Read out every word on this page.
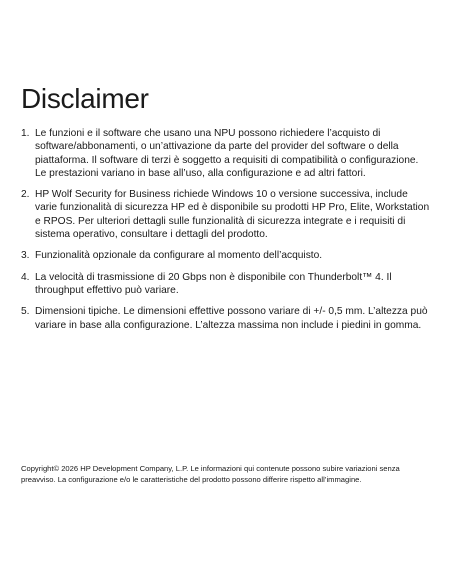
Disclaimer
1. Le funzioni e il software che usano una NPU possono richiedere l’acquisto di software/abbonamenti, o un’attivazione da parte del provider del software o della piattaforma. Il software di terzi è soggetto a requisiti di compatibilità o configurazione. Le prestazioni variano in base all’uso, alla configurazione e ad altri fattori.
2. HP Wolf Security for Business richiede Windows 10 o versione successiva, include varie funzionalità di sicurezza HP ed è disponibile su prodotti HP Pro, Elite, Workstation e RPOS. Per ulteriori dettagli sulle funzionalità di sicurezza integrate e i requisiti di sistema operativo, consultare i dettagli del prodotto.
3. Funzionalità opzionale da configurare al momento dell’acquisto.
4. La velocità di trasmissione di 20 Gbps non è disponibile con Thunderbolt™ 4. Il throughput effettivo può variare.
5. Dimensioni tipiche. Le dimensioni effettive possono variare di +/- 0,5 mm. L’altezza può variare in base alla configurazione. L’altezza massima non include i piedini in gomma.

Copyright© 2026 HP Development Company, L.P. Le informazioni qui contenute possono subire variazioni senza preavviso. La configurazione e/o le caratteristiche del prodotto possono differire rispetto all’immagine.
